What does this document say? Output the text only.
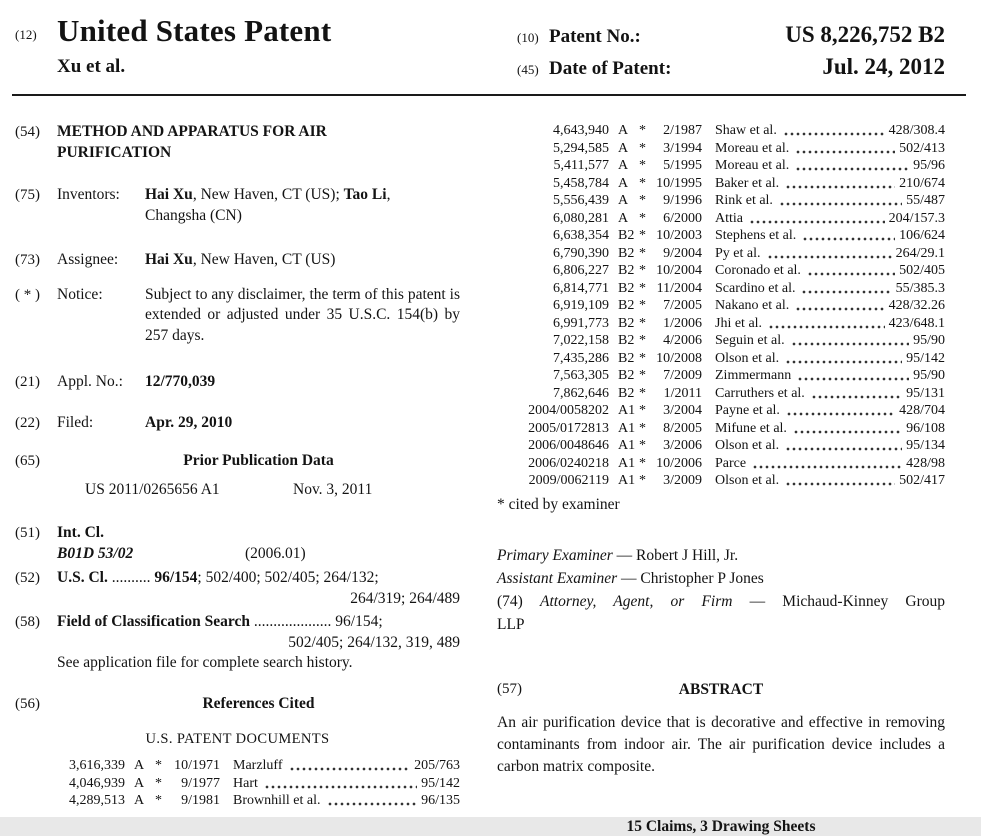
(12) United States Patent
Xu et al.
(10) Patent No.:	US 8,226,752 B2
(45) Date of Patent:	Jul. 24, 2012
(54)	METHOD AND APPARATUS FOR AIR
PURIFICATION
(75)	Inventors:	Hai Xu, New Haven, CT (US); Tao Li,
Changsha (CN)
(73)	Assignee:	Hai Xu, New Haven, CT (US)
( * )	Notice:	Subject to any disclaimer, the term of this patent is extended or adjusted under 35 U.S.C. 154(b) by 257 days.
(21)	Appl. No.:	12/770,039
(22)	Filed:	Apr. 29, 2010
(65)	Prior Publication Data
US 2011/0265656 A1	Nov. 3, 2011
(51)	Int. Cl.
B01D 53/02	(2006.01)
(52)	U.S. Cl. .......... 96/154; 502/400; 502/405; 264/132;
264/319; 264/489
(58)	Field of Classification Search .................... 96/154;
502/405; 264/132, 319, 489
See application file for complete search history.
(56)	References Cited
U.S. PATENT DOCUMENTS
3,616,339 A * 10/1971 Marzluff	205/763
4,046,939 A *	9/1977 Hart	95/142
4,289,513 A *	9/1981 Brownhill et al.	96/135
4,643,940 A *	2/1987 Shaw et al.	428/308.4
5,294,585 A *	3/1994 Moreau et al.	502/413
5,411,577 A *	5/1995 Moreau et al.	95/96
5,458,784 A * 10/1995 Baker et al.	210/674
5,556,439 A *	9/1996 Rink et al.	55/487
6,080,281 A *	6/2000 Attia	204/157.3
6,638,354 B2 * 10/2003 Stephens et al.	106/624
6,790,390 B2 *	9/2004 Py et al.	264/29.1
6,806,227 B2 * 10/2004 Coronado et al.	502/405
6,814,771 B2 * 11/2004 Scardino et al.	55/385.3
6,919,109 B2 *	7/2005 Nakano et al.	428/32.26
6,991,773 B2 *	1/2006 Jhi et al.	423/648.1
7,022,158 B2 *	4/2006 Seguin et al.	95/90
7,435,286 B2 * 10/2008 Olson et al.	95/142
7,563,305 B2 *	7/2009 Zimmermann	95/90
7,862,646 B2 *	1/2011 Carruthers et al.	95/131
2004/0058202 A1 *	3/2004 Payne et al.	428/704
2005/0172813 A1 *	8/2005 Mifune et al.	96/108
2006/0048646 A1 *	3/2006 Olson et al.	95/134
2006/0240218 A1 * 10/2006 Parce	428/98
2009/0062119 A1 *	3/2009 Olson et al.	502/417
* cited by examiner
Primary Examiner — Robert J Hill, Jr.
Assistant Examiner — Christopher P Jones
(74) Attorney, Agent, or Firm — Michaud-Kinney Group
LLP
(57)	ABSTRACT
An air purification device that is decorative and effective in removing contaminants from indoor air. The air purification device includes a carbon matrix composite.
15 Claims, 3 Drawing Sheets
